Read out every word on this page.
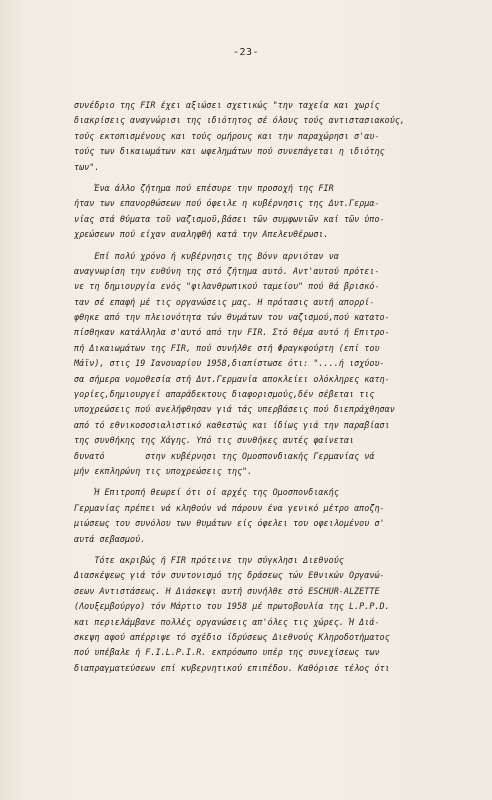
-23-
συνέδριο της FIR έχει αξιώσει σχετικώς "την ταχεία και χωρίς
διακρίσεις αναγνώρισι της ιδιότητος σέ όλους τούς αντιστασιακούς,
τούς εκτοπισμένους και τούς ομήρους και την παραχώρησι σ'αυ-
τούς των δικαιωμάτων και ωφελημάτων πού συνεπάγεται η ιδιότης
των".
Ένα άλλο ζήτημα πού επέσυρε την προσοχή της FIR
ήταν των επανορθώσεων πού όφειλε η κυβέρνησις της Δυτ.Γερμα-
νίας στά θύματα τοῦ ναζισμοῦ,βάσει τῶν συμφωνιῶν καί τῶν ὑπο-
χρεώσεων πού είχαν αναληφθή κατά την Απελευθέρωσι.
Επί πολύ χρόνο ή κυβέρνησις της Βόνν αρνιόταν να
αναγνωρίση την ευθύνη της στό ζήτημα αυτό. Αντ'αυτού πρότει-
νε τη δημιουργία ενός "φιλανθρωπικού ταμείου" πού θά βρισκό-
ταν σέ επαφή μέ τις οργανώσεις μας. Η πρότασις αυτή απορρί-
φθηκε από την πλειονότητα τών θυμάτων του ναζισμού,πού κατατο-
πίσθηκαν κατάλληλα σ'αυτό από την FIR. Στό θέμα αυτό ή Επιτρο-
πή Δικαιωμάτων της FIR, πού συνήλθε στή Φραγκφούρτη (επί του
Μάϊν), στις 19 Ιανουαρίου 1958,διαπίστωσε ότι: "....ή ισχύου-
σα σήμερα νομοθεσία στή Δυτ.Γερμανία αποκλείει ολόκληρες κατη-
γορίες,δημιουργεί απαράδεκτους διαφορισμούς,δέν σέβεται τις
υποχρεώσεις πού ανελήφθησαν γιά τάς υπερβάσεις πού διεπράχθησαν
από τό εθνικοσοσιαλιστικό καθεστώς και ίδίως γιά την παραβίασι
της συνθήκης της Χάγης. Υπό τις συνθήκες αυτές φαίνεται
δυνατό        στην κυβέρνησι της Ομοσπονδιακής Γερμανίας νά
μήν εκπληρώνη τις υποχρεώσεις της".
Ή Επιτροπή θεωρεί ότι οί αρχές της Ομοσπονδιακής
Γερμανίας πρέπει νά κληθούν νά πάρουν ένα γενικό μέτρο αποζη-
μιώσεως του συνόλου των θυμάτων είς όφελει του οφειλομένου σ'
αυτά σεβασμού.
Τότε ακριβώς ή FIR πρότεινε την σύγκλησι Διεθνούς
Διασκέψεως γιά τόν συντονισμό της δράσεως τών Εθνικών Οργανώ-
σεων Αντιστάσεως. Η Διάσκεψι αυτή συνήλθε στό ESCHUR-ALZETTE
(Λουξεμβούργο) τόν Μάρτιο του 1958 μέ πρωτοβουλία της L.P.P.D.
και περιελάμβανε πολλές οργανώσεις απ'όλες τις χώρες. Ή Διά-
σκεψη αφού απέρριψε τό σχέδιο ίδρύσεως Διεθνούς Κληροδοτήματος
πού υπέβαλε ή F.I.L.P.I.R. εκπρόσωπο υπέρ της συνεχίσεως των
διαπραγματεύσεων επί κυβερνητικού επιπέδου. Καθόρισε τέλος ότι
